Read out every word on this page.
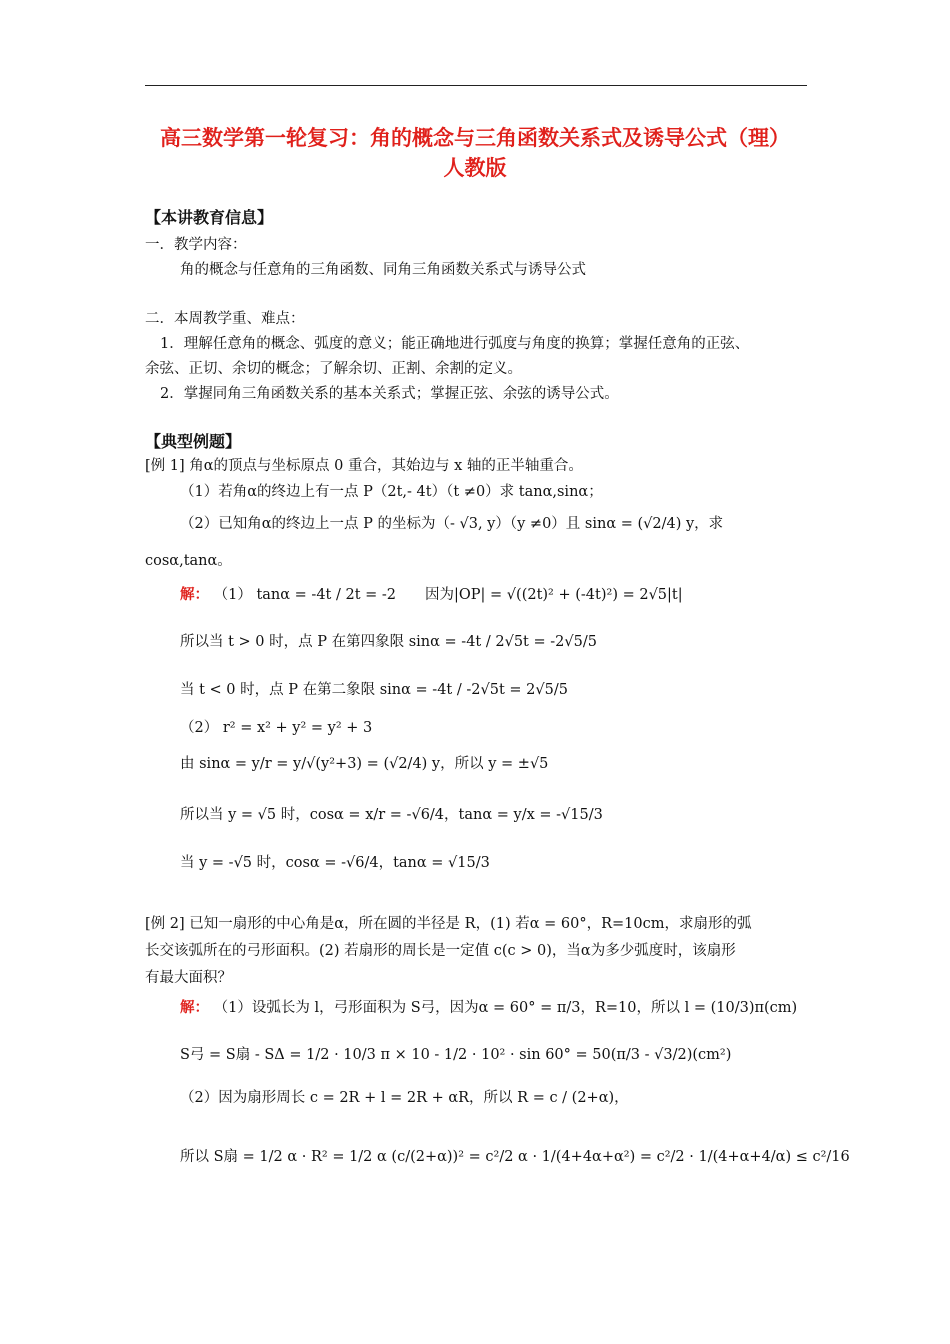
高三数学第一轮复习：角的概念与三角函数关系式及诱导公式（理）
人教版
【本讲教育信息】
一．教学内容：
角的概念与任意角的三角函数、同角三角函数关系式与诱导公式
二．本周教学重、难点：
1．理解任意角的概念、弧度的意义；能正确地进行弧度与角度的换算；掌握任意角的正弦、
余弦、正切、余切的概念；了解余切、正割、余割的定义。
2．掌握同角三角函数关系的基本关系式；掌握正弦、余弦的诱导公式。
【典型例题】
[例 1] 角α的顶点与坐标原点 0 重合，其始边与 x 轴的正半轴重合。
（1）若角α的终边上有一点 P（2t,- 4t）（t ≠0）求 tanα,sinα；
（2）已知角α的终边上一点 P 的坐标为（- √3, y）（y ≠0）且 sinα = (√2/4) y，求
cosα,tanα。
解： （1） tanα = -4t / 2t = -2　　因为|OP| = √((2t)² + (-4t)²) = 2√5|t|
所以当 t > 0 时，点 P 在第四象限 sinα = -4t / 2√5t = -2√5/5
当 t < 0 时，点 P 在第二象限 sinα = -4t / -2√5t = 2√5/5
（2） r² = x² + y² = y² + 3
由 sinα = y/r = y/√(y²+3) = (√2/4) y，所以 y = ±√5
所以当 y = √5 时，cosα = x/r = -√6/4，tanα = y/x = -√15/3
当 y = -√5 时，cosα = -√6/4，tanα = √15/3
[例 2] 已知一扇形的中心角是α，所在圆的半径是 R，(1) 若α = 60°，R=10cm，求扇形的弧
长交该弧所在的弓形面积。(2) 若扇形的周长是一定值 c(c > 0)，当α为多少弧度时，该扇形
有最大面积？
解： （1）设弧长为 l，弓形面积为 S弓，因为α = 60° = π/3，R=10，所以 l = (10/3)π(cm)
S弓 = S扇 - SΔ = 1/2 · 10/3 π × 10 - 1/2 · 10² · sin 60° = 50(π/3 - √3/2)(cm²)
（2）因为扇形周长 c = 2R + l = 2R + αR，所以 R = c / (2+α)，
所以 S扇 = 1/2 α · R² = 1/2 α (c/(2+α))² = c²/2 α · 1/(4+4α+α²) = c²/2 · 1/(4+α+4/α) ≤ c²/16
